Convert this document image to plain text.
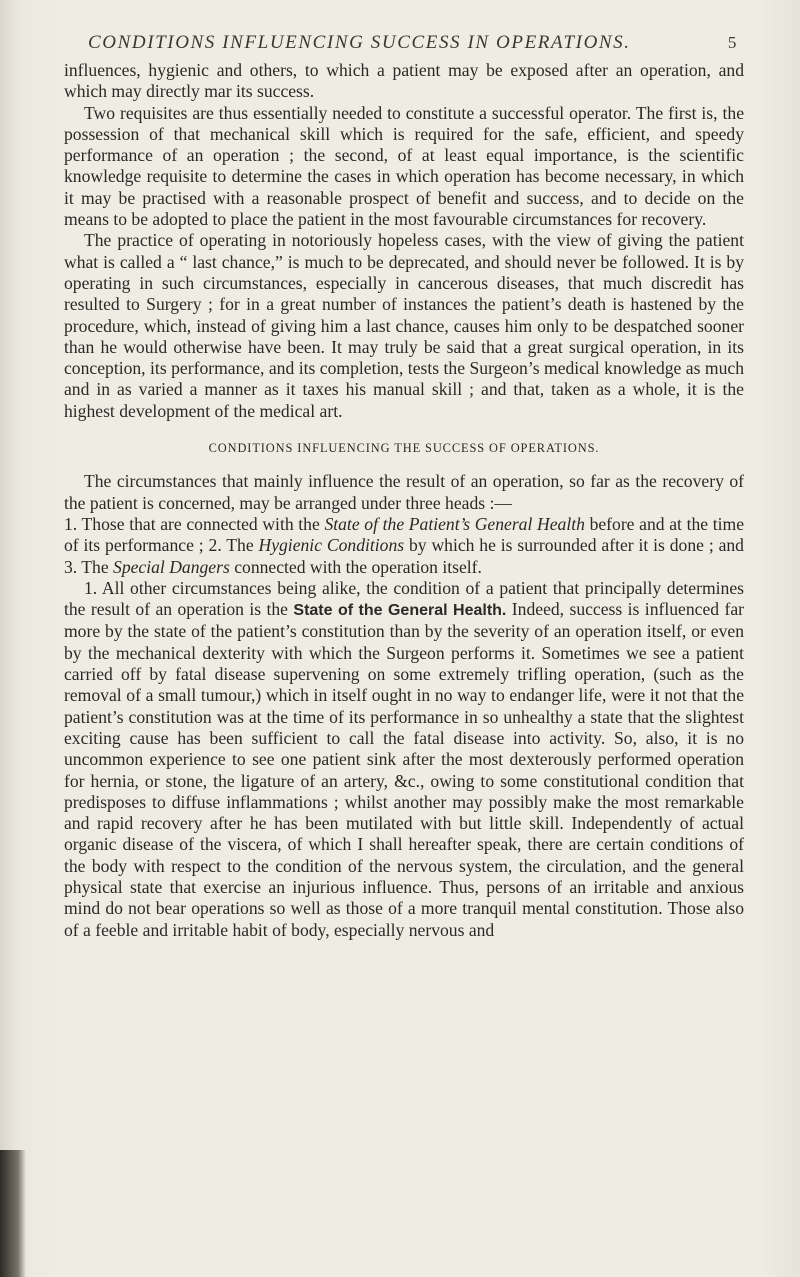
CONDITIONS INFLUENCING SUCCESS IN OPERATIONS.	5

influences, hygienic and others, to which a patient may be exposed after an operation, and which may directly mar its success.

Two requisites are thus essentially needed to constitute a successful operator. The first is, the possession of that mechanical skill which is required for the safe, efficient, and speedy performance of an operation ; the second, of at least equal importance, is the scientific knowledge requisite to determine the cases in which operation has become necessary, in which it may be practised with a reasonable prospect of benefit and success, and to decide on the means to be adopted to place the patient in the most favourable circumstances for recovery.

The practice of operating in notoriously hopeless cases, with the view of giving the patient what is called a “ last chance,” is much to be deprecated, and should never be followed. It is by operating in such circumstances, especially in cancerous diseases, that much discredit has resulted to Surgery ; for in a great number of instances the patient’s death is hastened by the procedure, which, instead of giving him a last chance, causes him only to be despatched sooner than he would otherwise have been. It may truly be said that a great surgical operation, in its conception, its performance, and its completion, tests the Surgeon’s medical knowledge as much and in as varied a manner as it taxes his manual skill ; and that, taken as a whole, it is the highest development of the medical art.

CONDITIONS INFLUENCING THE SUCCESS OF OPERATIONS.

The circumstances that mainly influence the result of an operation, so far as the recovery of the patient is concerned, may be arranged under three heads :—
1. Those that are connected with the State of the Patient’s General Health before and at the time of its performance ; 2. The Hygienic Conditions by which he is surrounded after it is done ; and 3. The Special Dangers connected with the operation itself.

1. All other circumstances being alike, the condition of a patient that principally determines the result of an operation is the State of the General Health. Indeed, success is influenced far more by the state of the patient’s constitution than by the severity of an operation itself, or even by the mechanical dexterity with which the Surgeon performs it. Sometimes we see a patient carried off by fatal disease supervening on some extremely trifling operation, (such as the removal of a small tumour,) which in itself ought in no way to endanger life, were it not that the patient’s constitution was at the time of its performance in so unhealthy a state that the slightest exciting cause has been sufficient to call the fatal disease into activity. So, also, it is no uncommon experience to see one patient sink after the most dexterously performed operation for hernia, or stone, the ligature of an artery, &c., owing to some constitutional condition that predisposes to diffuse inflammations ; whilst another may possibly make the most remarkable and rapid recovery after he has been mutilated with but little skill. Independently of actual organic disease of the viscera, of which I shall hereafter speak, there are certain conditions of the body with respect to the condition of the nervous system, the circulation, and the general physical state that exercise an injurious influence. Thus, persons of an irritable and anxious mind do not bear operations so well as those of a more tranquil mental constitution. Those also of a feeble and irritable habit of body, especially nervous and
